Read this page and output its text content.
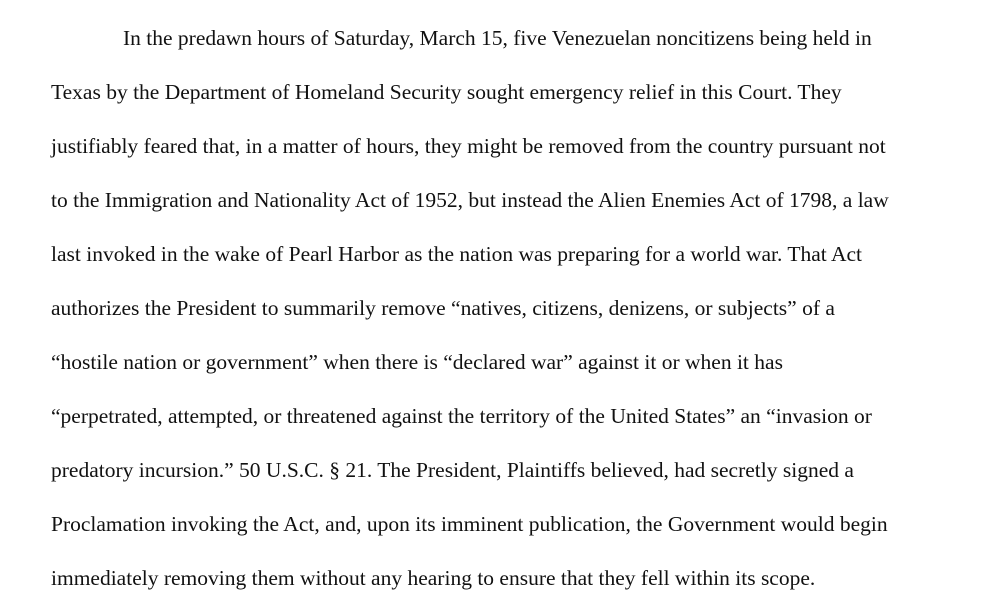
In the predawn hours of Saturday, March 15, five Venezuelan noncitizens being held in
Texas by the Department of Homeland Security sought emergency relief in this Court. They
justifiably feared that, in a matter of hours, they might be removed from the country pursuant not
to the Immigration and Nationality Act of 1952, but instead the Alien Enemies Act of 1798, a law
last invoked in the wake of Pearl Harbor as the nation was preparing for a world war. That Act
authorizes the President to summarily remove “natives, citizens, denizens, or subjects” of a
“hostile nation or government” when there is “declared war” against it or when it has
“perpetrated, attempted, or threatened against the territory of the United States” an “invasion or
predatory incursion.” 50 U.S.C. § 21. The President, Plaintiffs believed, had secretly signed a
Proclamation invoking the Act, and, upon its imminent publication, the Government would begin
immediately removing them without any hearing to ensure that they fell within its scope.
